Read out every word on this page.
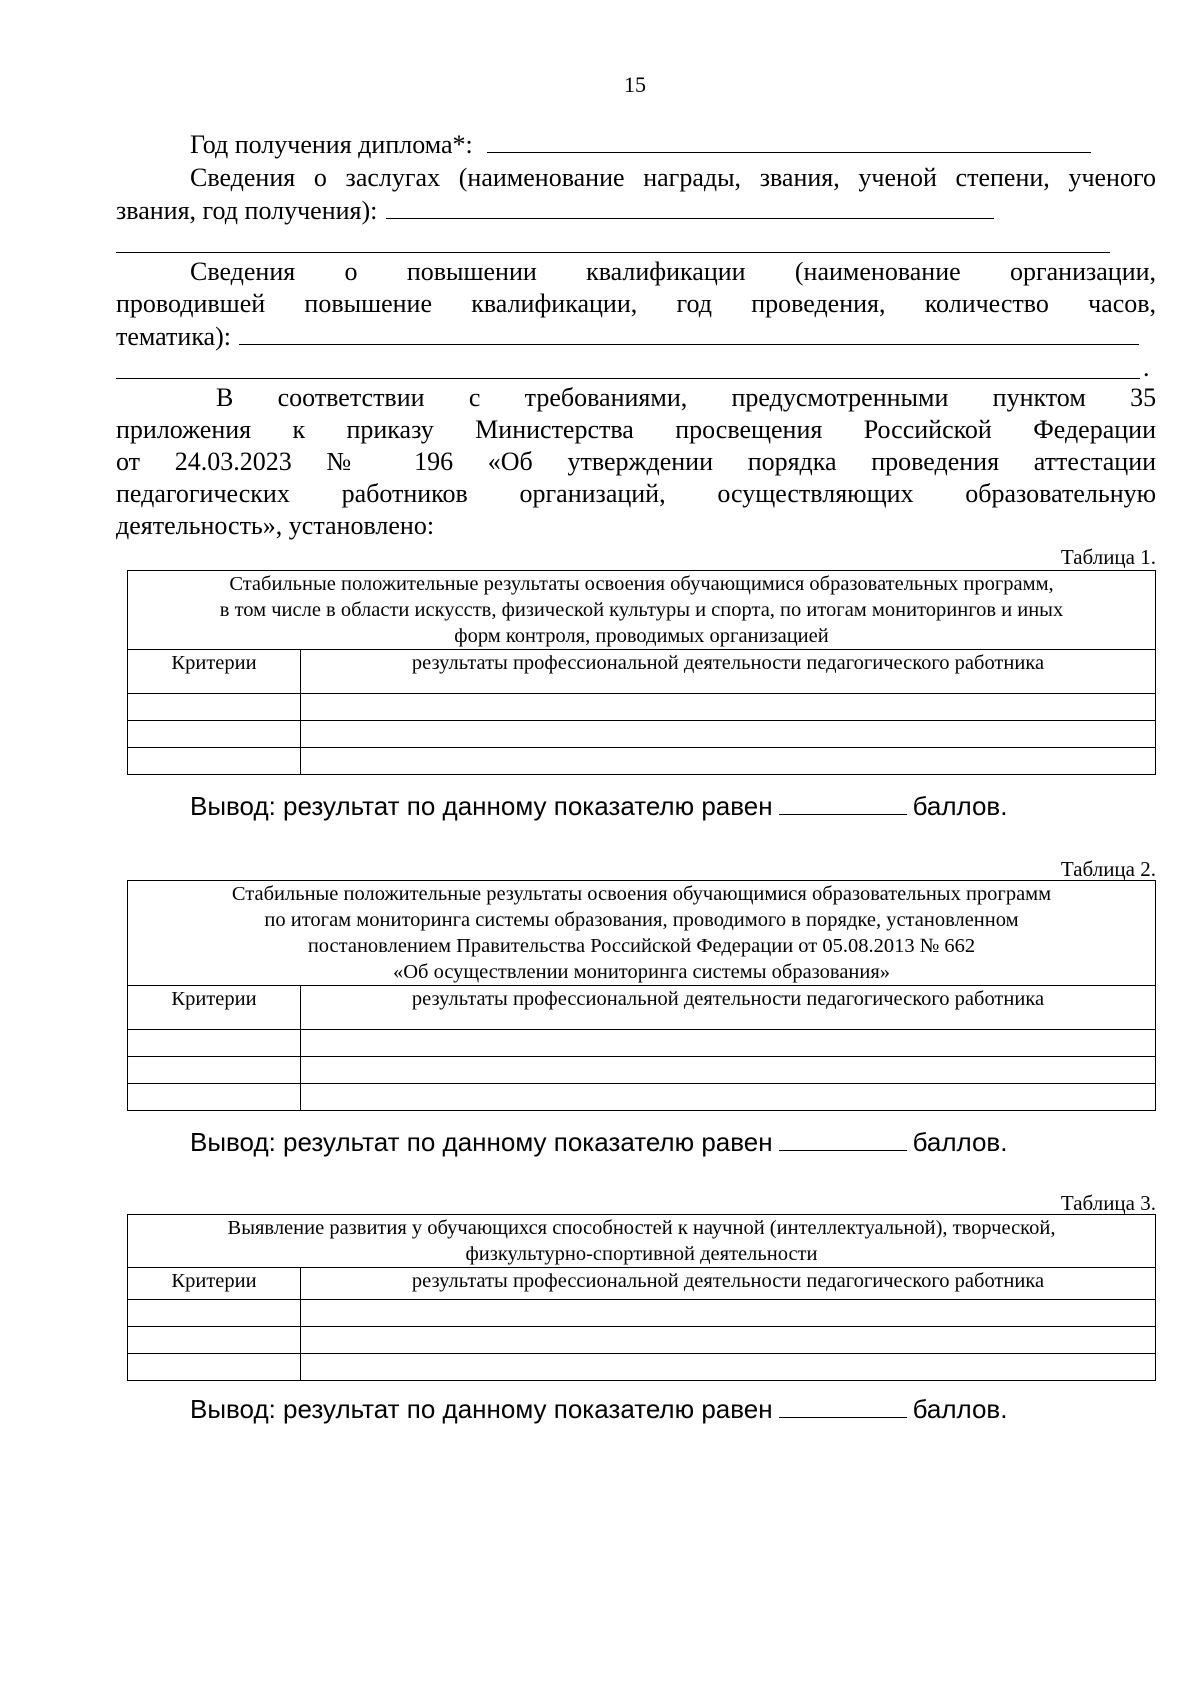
15
Год получения диплома*:
Сведения о заслугах (наименование награды, звания, ученой степени, ученого
звания, год получения):
Сведения о повышении квалификации (наименование организации,
проводившей повышение квалификации, год проведения, количество часов,
тематика):
.
В соответствии с требованиями, предусмотренными пунктом 35
приложения к приказу Министерства просвещения Российской Федерации
от 24.03.2023 № 196 «Об утверждении порядка проведения аттестации
педагогических работников организаций, осуществляющих образовательную
деятельность», установлено:
Таблица 1.
Стабильные положительные результаты освоения обучающимися образовательных программ,
в том числе в области искусств, физической культуры и спорта, по итогам мониторингов и иных
форм контроля, проводимых организацией	

Критерии	результаты профессиональной деятельности педагогического работника

Вывод: результат по данному показателю равен	баллов.
Таблица 2.
Стабильные положительные результаты освоения обучающимися образовательных программ
по итогам мониторинга системы образования, проводимого в порядке, установленном
постановлением Правительства Российской Федерации от 05.08.2013 № 662
«Об осуществлении мониторинга системы образования»	

Критерии	результаты профессиональной деятельности педагогического работника

Вывод: результат по данному показателю равен	баллов.
Таблица 3.
Выявление развития у обучающихся способностей к научной (интеллектуальной), творческой,
физкультурно-спортивной деятельности	

Критерии	результаты профессиональной деятельности педагогического работника

Вывод: результат по данному показателю равен	баллов.
